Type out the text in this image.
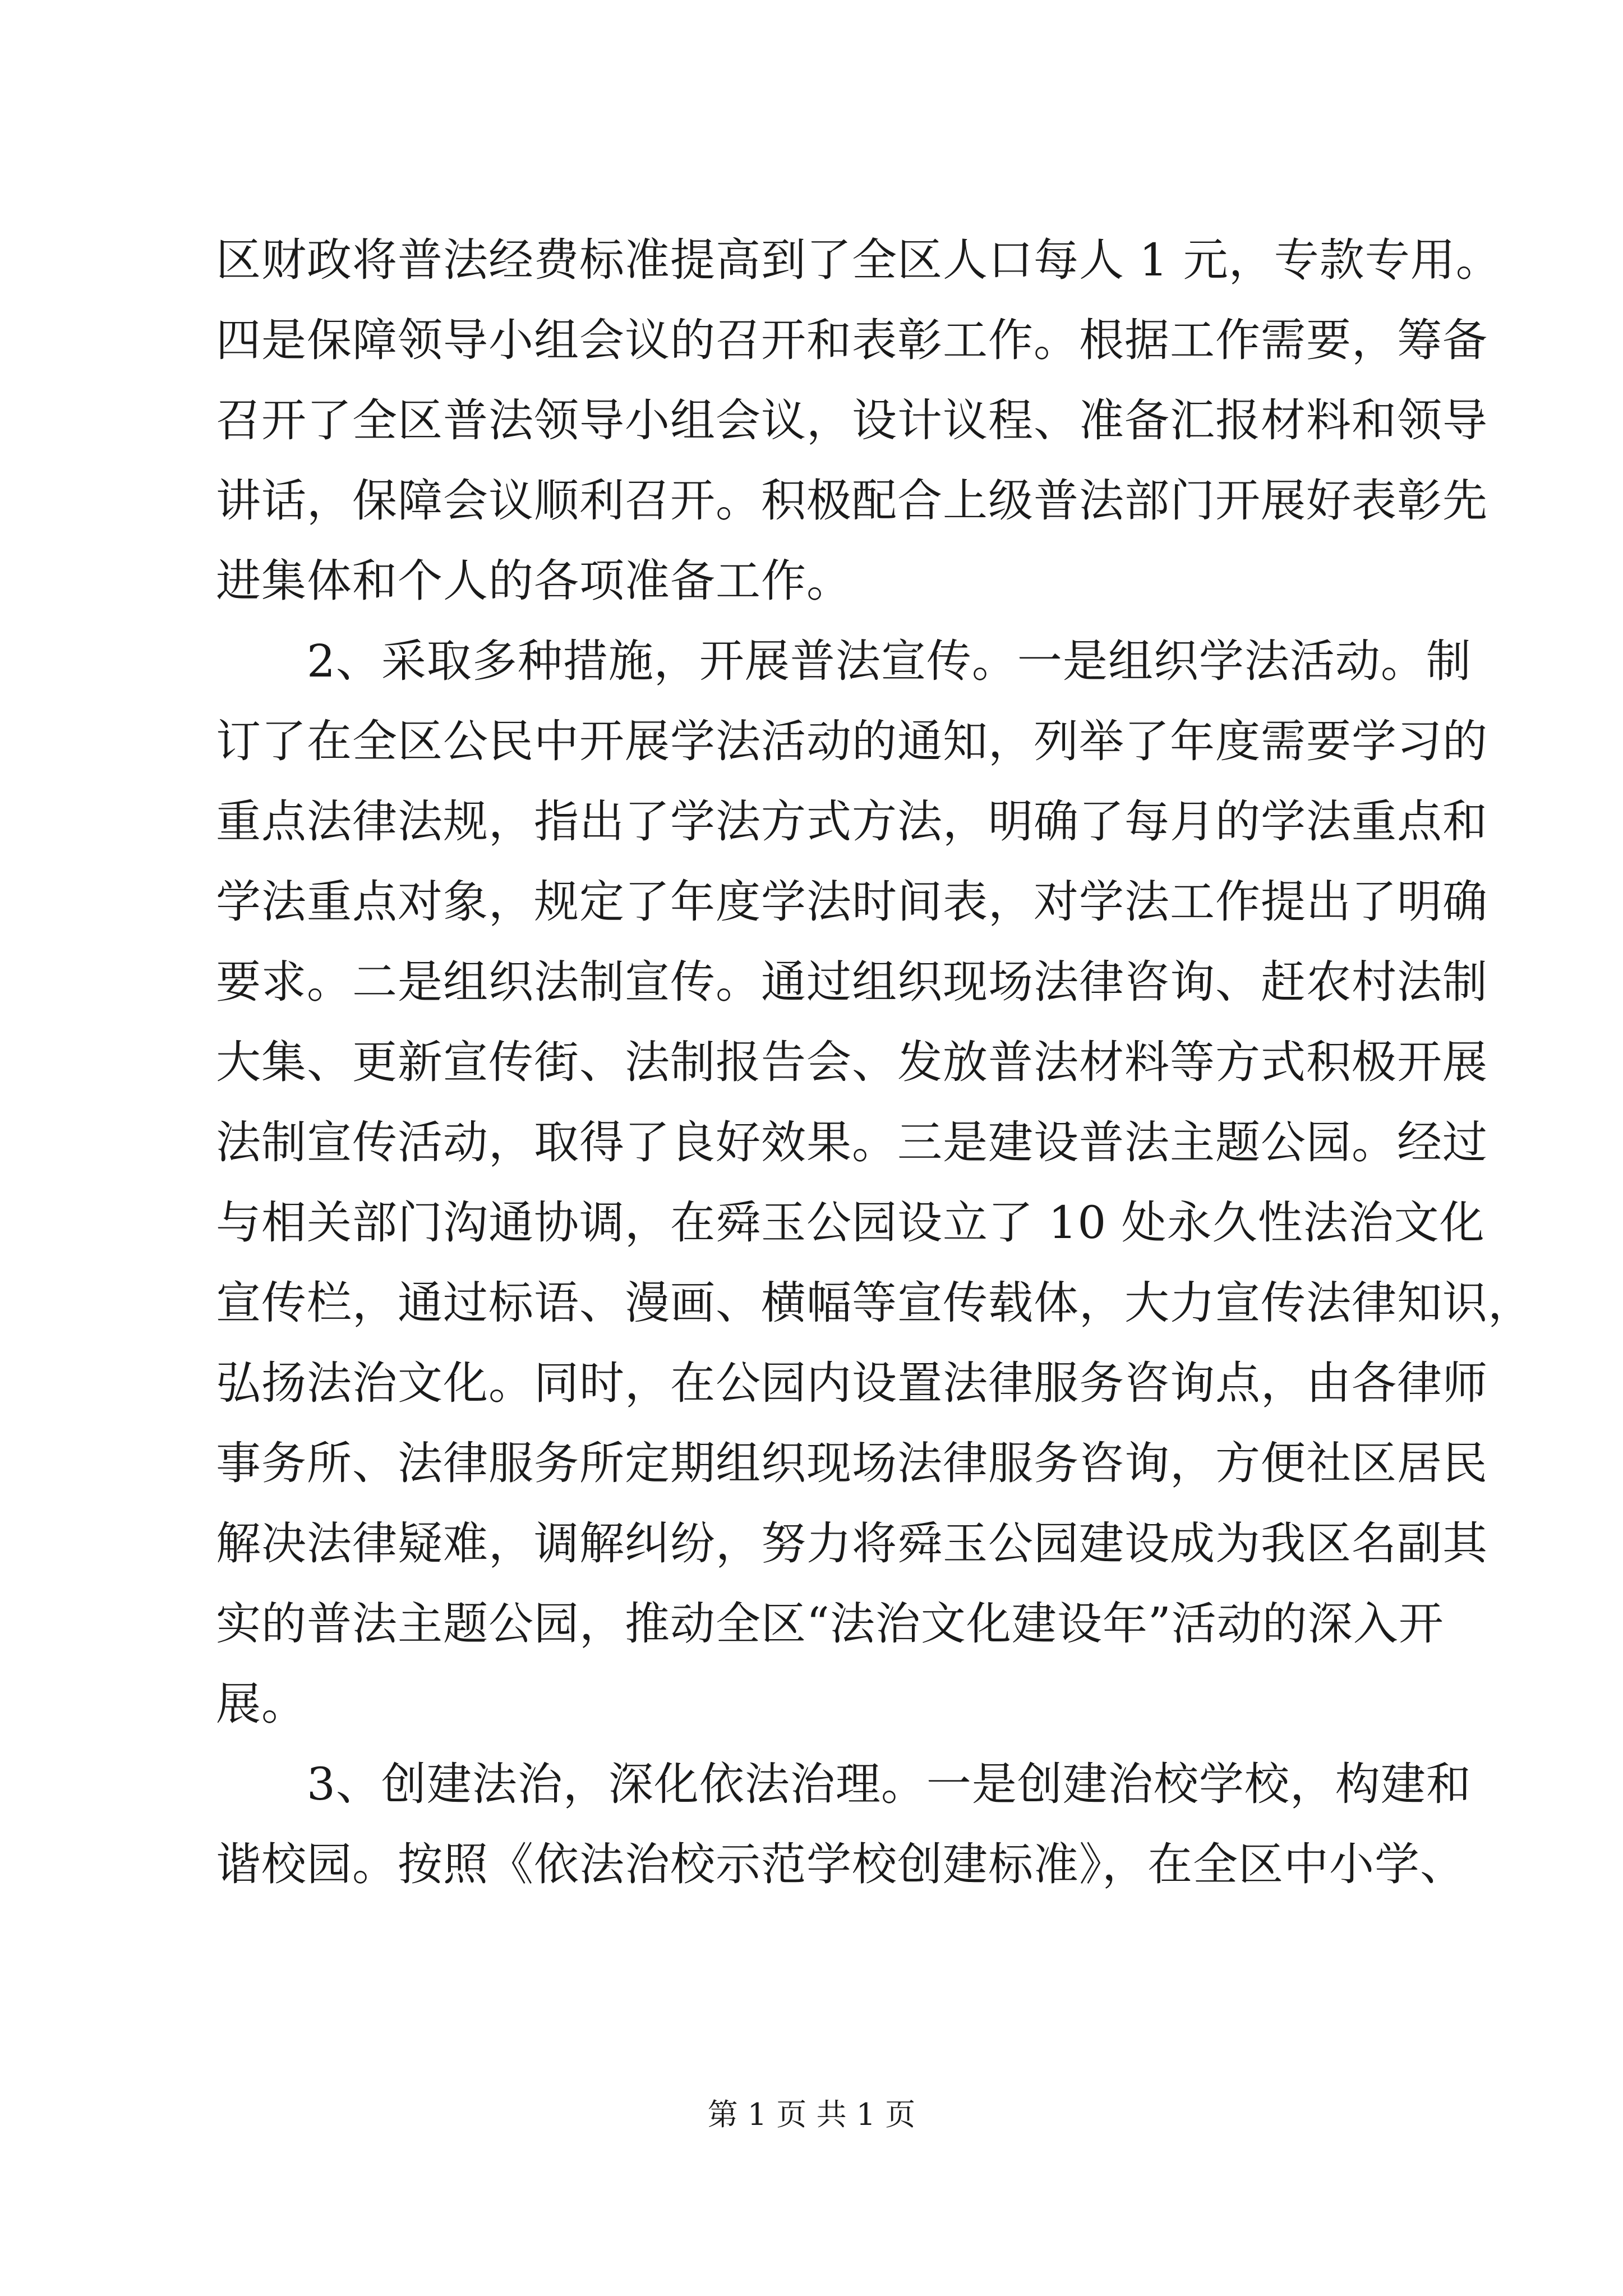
区财政将普法经费标准提高到了全区人口每人 1 元，专款专用。
四是保障领导小组会议的召开和表彰工作。根据工作需要，筹备
召开了全区普法领导小组会议，设计议程、准备汇报材料和领导
讲话，保障会议顺利召开。积极配合上级普法部门开展好表彰先
进集体和个人的各项准备工作。
　　2、采取多种措施，开展普法宣传。一是组织学法活动。制
订了在全区公民中开展学法活动的通知，列举了年度需要学习的
重点法律法规，指出了学法方式方法，明确了每月的学法重点和
学法重点对象，规定了年度学法时间表，对学法工作提出了明确
要求。二是组织法制宣传。通过组织现场法律咨询、赶农村法制
大集、更新宣传街、法制报告会、发放普法材料等方式积极开展
法制宣传活动，取得了良好效果。三是建设普法主题公园。经过
与相关部门沟通协调，在舜玉公园设立了 10 处永久性法治文化
宣传栏，通过标语、漫画、横幅等宣传载体，大力宣传法律知识，
弘扬法治文化。同时，在公园内设置法律服务咨询点，由各律师
事务所、法律服务所定期组织现场法律服务咨询，方便社区居民
解决法律疑难，调解纠纷，努力将舜玉公园建设成为我区名副其
实的普法主题公园，推动全区“法治文化建设年”活动的深入开
展。
　　3、创建法治，深化依法治理。一是创建治校学校，构建和
谐校园。按照《依法治校示范学校创建标准》，在全区中小学、
第 1 页 共 1 页
